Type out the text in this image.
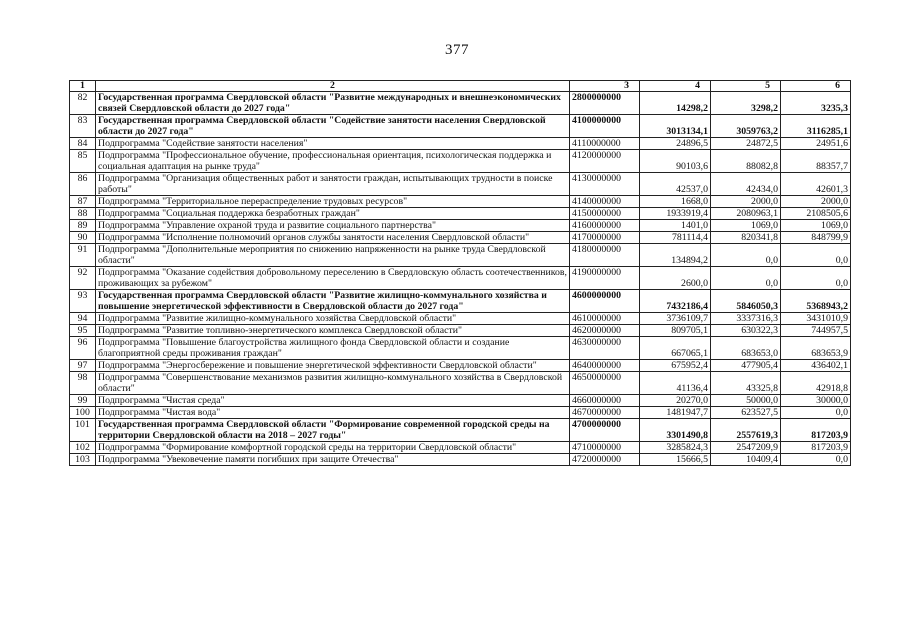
377
1	2	3	4	5	6
82	Государственная программа Свердловской области "Развитие международных и внешнеэкономических связей Свердловской области до 2027 года"	2800000000	14298,2	3298,2	3235,3
83	Государственная программа Свердловской области "Содействие занятости населения Свердловской области до 2027 года"	4100000000	3013134,1	3059763,2	3116285,1
84	Подпрограмма "Содействие занятости населения"	4110000000	24896,5	24872,5	24951,6
85	Подпрограмма "Профессиональное обучение, профессиональная ориентация, психологическая поддержка и социальная адаптация на рынке труда"	4120000000	90103,6	88082,8	88357,7
86	Подпрограмма "Организация общественных работ и занятости граждан, испытывающих трудности в поиске работы"	4130000000	42537,0	42434,0	42601,3
87	Подпрограмма "Территориальное перераспределение трудовых ресурсов"	4140000000	1668,0	2000,0	2000,0
88	Подпрограмма "Социальная поддержка безработных граждан"	4150000000	1933919,4	2080963,1	2108505,6
89	Подпрограмма "Управление охраной труда и развитие социального партнерства"	4160000000	1401,0	1069,0	1069,0
90	Подпрограмма "Исполнение полномочий органов службы занятости населения Свердловской области"	4170000000	781114,4	820341,8	848799,9
91	Подпрограмма "Дополнительные мероприятия по снижению напряженности на рынке труда Свердловской области"	4180000000	134894,2	0,0	0,0
92	Подпрограмма "Оказание содействия добровольному переселению в Свердловскую область соотечественников, проживающих за рубежом"	4190000000	2600,0	0,0	0,0
93	Государственная программа Свердловской области "Развитие жилищно-коммунального хозяйства и повышение энергетической эффективности в Свердловской области до 2027 года"	4600000000	7432186,4	5846050,3	5368943,2
94	Подпрограмма "Развитие жилищно-коммунального хозяйства Свердловской области"	4610000000	3736109,7	3337316,3	3431010,9
95	Подпрограмма "Развитие топливно-энергетического комплекса Свердловской области"	4620000000	809705,1	630322,3	744957,5
96	Подпрограмма "Повышение благоустройства жилищного фонда Свердловской области и создание благоприятной среды проживания граждан"	4630000000	667065,1	683653,0	683653,9
97	Подпрограмма "Энергосбережение и повышение энергетической эффективности Свердловской области"	4640000000	675952,4	477905,4	436402,1
98	Подпрограмма "Совершенствование механизмов развития жилищно-коммунального хозяйства в Свердловской области"	4650000000	41136,4	43325,8	42918,8
99	Подпрограмма "Чистая среда"	4660000000	20270,0	50000,0	30000,0
100	Подпрограмма "Чистая вода"	4670000000	1481947,7	623527,5	0,0
101	Государственная программа Свердловской области "Формирование современной городской среды на территории Свердловской области на 2018 – 2027 годы"	4700000000	3301490,8	2557619,3	817203,9
102	Подпрограмма "Формирование комфортной городской среды на территории Свердловской области"	4710000000	3285824,3	2547209,9	817203,9
103	Подпрограмма "Увековечение памяти погибших при защите Отечества"	4720000000	15666,5	10409,4	0,0
